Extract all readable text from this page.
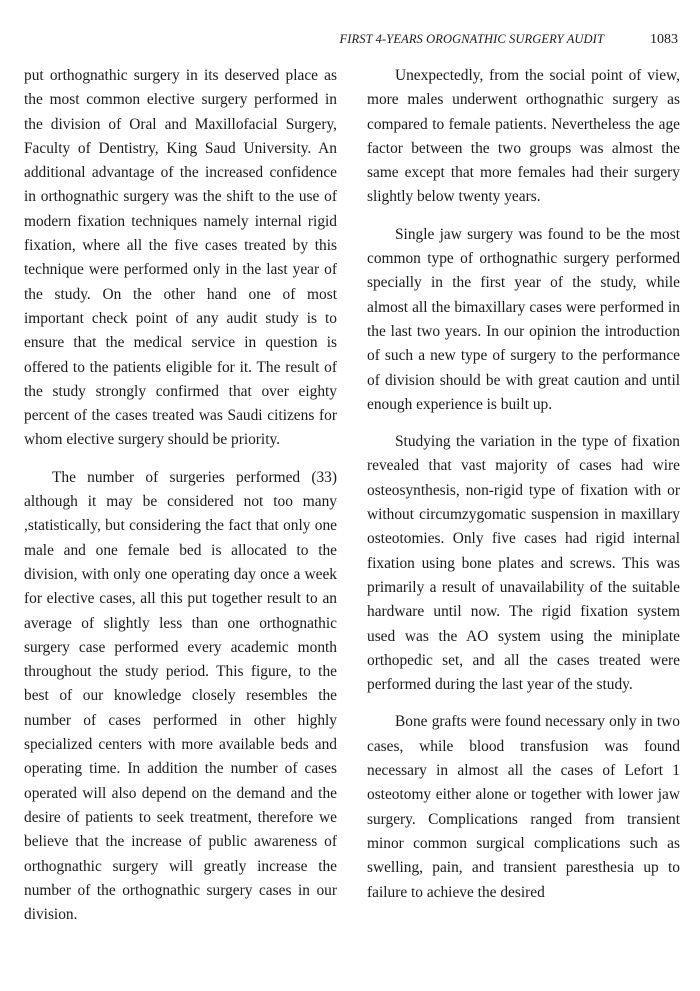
FIRST 4-YEARS OROGNATHIC SURGERY AUDIT	1083

put orthognathic surgery in its deserved place as the most common elective surgery performed in the division of Oral and Maxillofacial Surgery, Faculty of Dentistry, King Saud University. An additional advantage of the increased confidence in orthognathic surgery was the shift to the use of modern fixation techniques namely internal rigid fixation, where all the five cases treated by this technique were performed only in the last year of the study. On the other hand one of most important check point of any audit study is to ensure that the medical service in question is offered to the patients eligible for it. The result of the study strongly confirmed that over eighty percent of the cases treated was Saudi citizens for whom elective surgery should be priority.

The number of surgeries performed (33) although it may be considered not too many ,statistically, but considering the fact that only one male and one female bed is allocated to the division, with only one operating day once a week for elective cases, all this put together result to an average of slightly less than one orthognathic surgery case performed every academic month throughout the study period. This figure, to the best of our knowledge closely resembles the number of cases performed in other highly specialized centers with more available beds and operating time. In addition the number of cases operated will also depend on the demand and the desire of patients to seek treatment, therefore we believe that the increase of public awareness of orthognathic surgery will greatly increase the number of the orthognathic surgery cases in our division.

Unexpectedly, from the social point of view, more males underwent orthognathic surgery as compared to female patients. Nevertheless the age factor between the two groups was almost the same except that more females had their surgery slightly below twenty years.

Single jaw surgery was found to be the most common type of orthognathic surgery performed specially in the first year of the study, while almost all the bimaxillary cases were performed in the last two years. In our opinion the introduction of such a new type of surgery to the performance of division should be with great caution and until enough experience is built up.

Studying the variation in the type of fixation revealed that vast majority of cases had wire osteosynthesis, non-rigid type of fixation with or without circumzygomatic suspension in maxillary osteotomies. Only five cases had rigid internal fixation using bone plates and screws. This was primarily a result of unavailability of the suitable hardware until now. The rigid fixation system used was the AO system using the miniplate orthopedic set, and all the cases treated were performed during the last year of the study.

Bone grafts were found necessary only in two cases, while blood transfusion was found necessary in almost all the cases of Lefort 1 osteotomy either alone or together with lower jaw surgery. Complications ranged from transient minor common surgical complications such as swelling, pain, and transient paresthesia up to failure to achieve the desired
